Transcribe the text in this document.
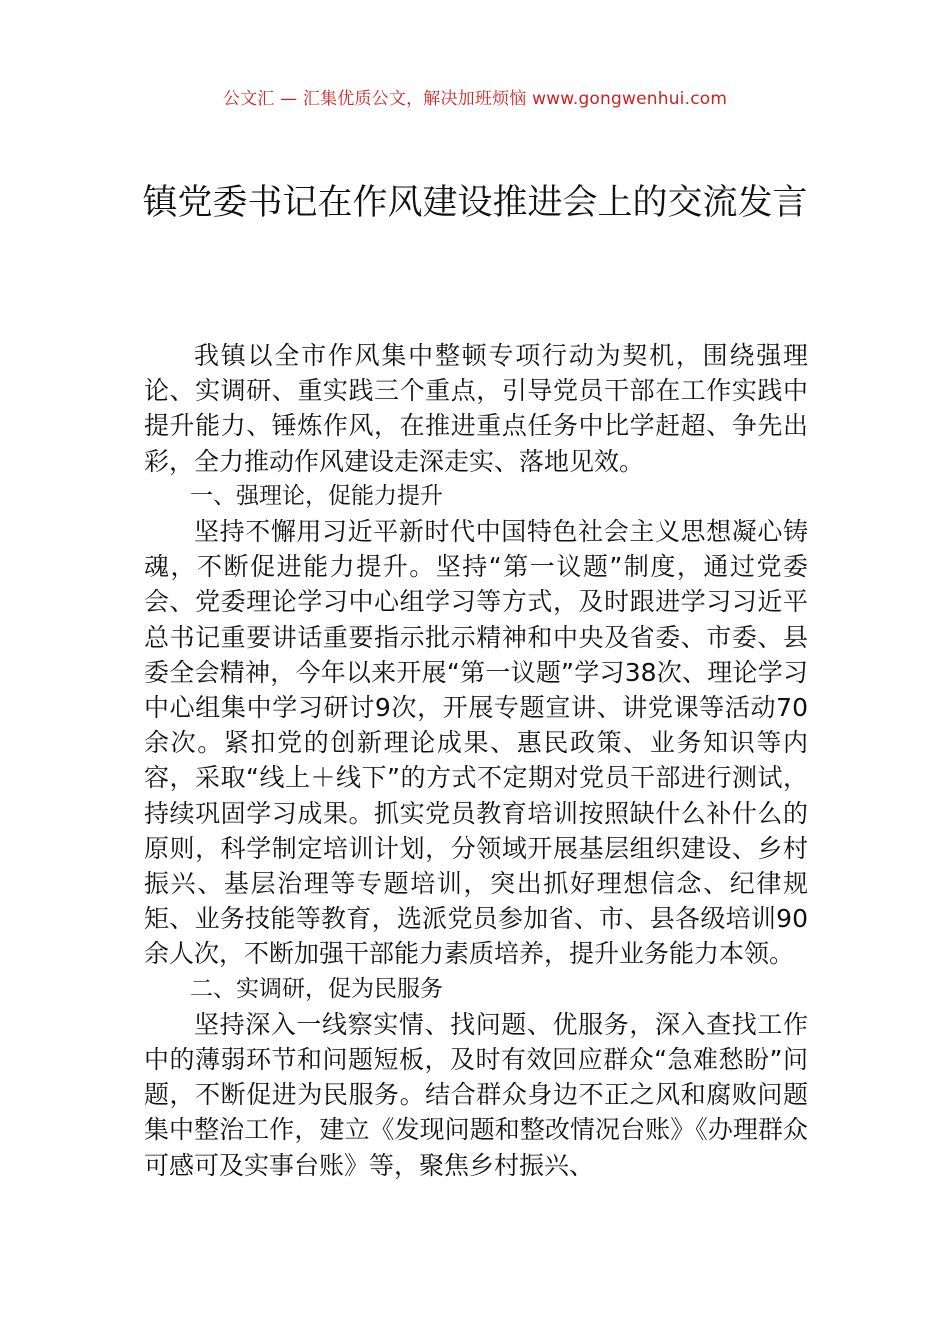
公文汇 — 汇集优质公文，解决加班烦恼 www.gongwenhui.com
镇党委书记在作风建设推进会上的交流发言

我镇以全市作风集中整顿专项行动为契机，围绕强理论、实调研、重实践三个重点，引导党员干部在工作实践中提升能力、锤炼作风，在推进重点任务中比学赶超、争先出彩，全力推动作风建设走深走实、落地见效。

一、强理论，促能力提升

坚持不懈用习近平新时代中国特色社会主义思想凝心铸魂，不断促进能力提升。坚持“第一议题”制度，通过党委会、党委理论学习中心组学习等方式，及时跟进学习习近平总书记重要讲话重要指示批示精神和中央及省委、市委、县委全会精神，今年以来开展“第一议题”学习38次、理论学习中心组集中学习研讨9次，开展专题宣讲、讲党课等活动70余次。紧扣党的创新理论成果、惠民政策、业务知识等内容，采取“线上＋线下”的方式不定期对党员干部进行测试，持续巩固学习成果。抓实党员教育培训按照缺什么补什么的原则，科学制定培训计划，分领域开展基层组织建设、乡村振兴、基层治理等专题培训，突出抓好理想信念、纪律规矩、业务技能等教育，选派党员参加省、市、县各级培训90余人次，不断加强干部能力素质培养，提升业务能力本领。

二、实调研，促为民服务

坚持深入一线察实情、找问题、优服务，深入查找工作中的薄弱环节和问题短板，及时有效回应群众“急难愁盼”问题，不断促进为民服务。结合群众身边不正之风和腐败问题集中整治工作，建立《发现问题和整改情况台账》《办理群众可感可及实事台账》等，聚焦乡村振兴、
